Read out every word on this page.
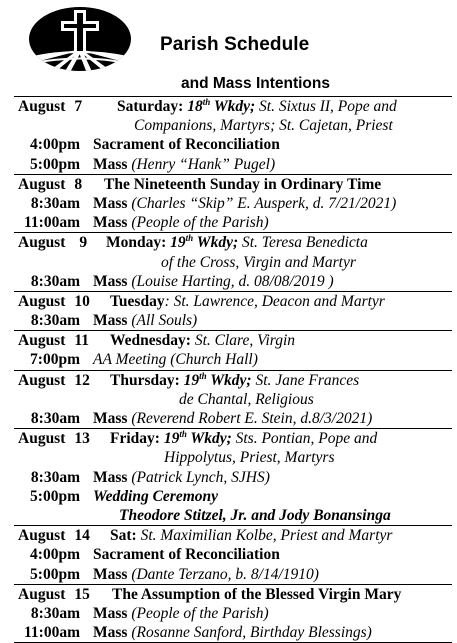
Parish Schedule
and Mass Intentions
August 7 Saturday: 18th Wkdy; St. Sixtus II, Pope and
Companions, Martyrs; St. Cajetan, Priest
4:00pm Sacrament of Reconciliation
5:00pm Mass (Henry “Hank” Pugel)
August 8 The Nineteenth Sunday in Ordinary Time
8:30am Mass (Charles “Skip” E. Ausperk, d. 7/21/2021)
11:00am Mass (People of the Parish)
August 9 Monday: 19th Wkdy; St. Teresa Benedicta
of the Cross, Virgin and Martyr
8:30am Mass (Louise Harting, d. 08/08/2019 )
August 10 Tuesday: St. Lawrence, Deacon and Martyr
8:30am Mass (All Souls)
August 11 Wednesday: St. Clare, Virgin
7:00pm AA Meeting (Church Hall)
August 12 Thursday: 19th Wkdy; St. Jane Frances
de Chantal, Religious
8:30am Mass (Reverend Robert E. Stein, d.8/3/2021)
August 13 Friday: 19th Wkdy; Sts. Pontian, Pope and
Hippolytus, Priest, Martyrs
8:30am Mass (Patrick Lynch, SJHS)
5:00pm Wedding Ceremony
Theodore Stitzel, Jr. and Jody Bonansinga
August 14 Sat: St. Maximilian Kolbe, Priest and Martyr
4:00pm Sacrament of Reconciliation
5:00pm Mass (Dante Terzano, b. 8/14/1910)
August 15 The Assumption of the Blessed Virgin Mary
8:30am Mass (People of the Parish)
11:00am Mass (Rosanne Sanford, Birthday Blessings)
